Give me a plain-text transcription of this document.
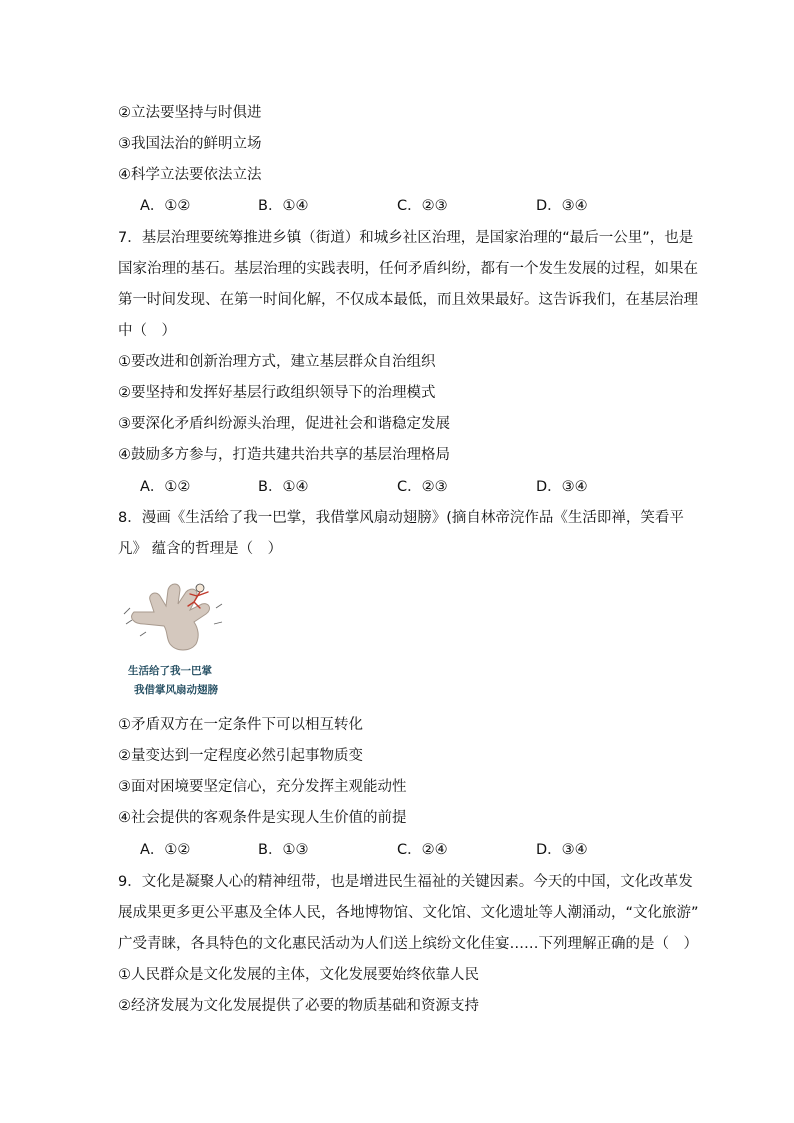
②立法要坚持与时俱进
③我国法治的鲜明立场
④科学立法要依法立法
A．①②	B．①④	C．②③	D．③④
7．基层治理要统筹推进乡镇（街道）和城乡社区治理，是国家治理的“最后一公里”，也是
国家治理的基石。基层治理的实践表明，任何矛盾纠纷，都有一个发生发展的过程，如果在
第一时间发现、在第一时间化解，不仅成本最低，而且效果最好。这告诉我们，在基层治理
中（　）
①要改进和创新治理方式，建立基层群众自治组织
②要坚持和发挥好基层行政组织领导下的治理模式
③要深化矛盾纠纷源头治理，促进社会和谐稳定发展
④鼓励多方参与，打造共建共治共享的基层治理格局
A．①②	B．①④	C．②③	D．③④
8．漫画《生活给了我一巴掌，我借掌风扇动翅膀》(摘自林帝浣作品《生活即禅，笑看平
凡》 蕴含的哲理是（　）
生活给了我一巴掌
我借掌风扇动翅膀
①矛盾双方在一定条件下可以相互转化
②量变达到一定程度必然引起事物质变
③面对困境要坚定信心，充分发挥主观能动性
④社会提供的客观条件是实现人生价值的前提
A．①②	B．①③	C．②④	D．③④
9．文化是凝聚人心的精神纽带，也是增进民生福祉的关键因素。今天的中国，文化改革发
展成果更多更公平惠及全体人民，各地博物馆、文化馆、文化遗址等人潮涌动，“文化旅游”
广受青睐，各具特色的文化惠民活动为人们送上缤纷文化佳宴……下列理解正确的是（　）
①人民群众是文化发展的主体，文化发展要始终依靠人民
②经济发展为文化发展提供了必要的物质基础和资源支持
